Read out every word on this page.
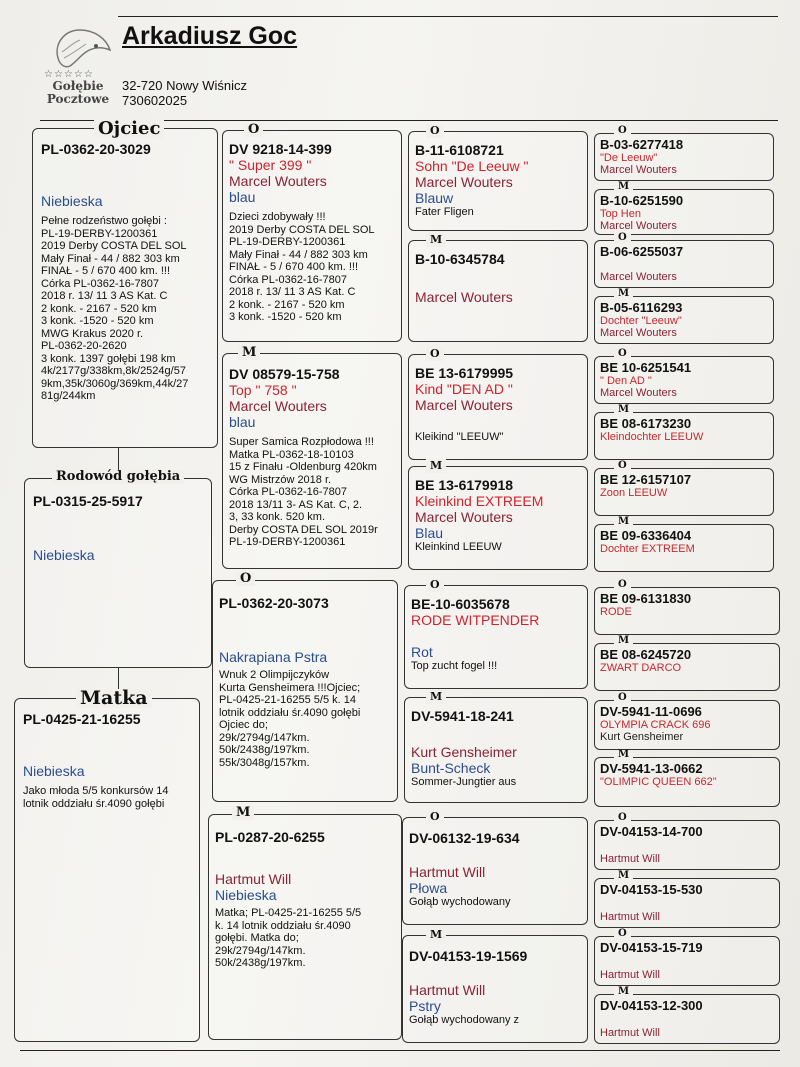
☆☆☆☆☆
Gołębie
Pocztowe
Arkadiusz Goc
32-720 Nowy Wiśnicz
730602025
PL-0362-20-3029
Niebieska
Pełne rodzeństwo gołębi :
PL-19-DERBY-1200361
2019 Derby COSTA DEL SOL
Mały Finał - 44 / 882 303 km
FINAŁ - 5 / 670 400 km. !!!
Córka PL-0362-16-7807
2018 r. 13/ 11 3 AS Kat. C
2 konk. - 2167 - 520 km
3 konk. -1520 - 520 km
MWG Krakus 2020 r.
PL-0362-20-2620
3 konk. 1397 gołębi 198 km
4k/2177g/338km,8k/2524g/57
9km,35k/3060g/369km,44k/27
81g/244km
Ojciec
PL-0315-25-5917
Niebieska
Rodowód gołębia
PL-0425-21-16255
Niebieska
Jako młoda 5/5 konkursów 14
lotnik oddziału śr.4090 gołębi
Matka
DV 9218-14-399
" Super 399 "
Marcel Wouters
blau
Dzieci zdobywały !!!
2019 Derby COSTA DEL SOL
PL-19-DERBY-1200361
Mały Finał - 44 / 882 303 km
FINAŁ - 5 / 670 400 km. !!!
Córka PL-0362-16-7807
2018 r. 13/ 11 3 AS Kat. C
2 konk. - 2167 - 520 km
3 konk. -1520 - 520 km
O
DV 08579-15-758
Top " 758 "
Marcel Wouters
blau
Super Samica Rozpłodowa !!!
Matka PL-0362-18-10103
15 z Finału -Oldenburg 420km
WG Mistrzów 2018 r.
Córka PL-0362-16-7807
2018 13/11 3- AS Kat. C, 2.
3, 33 konk. 520 km.
Derby COSTA DEL SOL 2019r
PL-19-DERBY-1200361
M
PL-0362-20-3073
Nakrapiana Pstra
Wnuk 2 Olimpijczyków
Kurta Gensheimera !!!Ojciec;
PL-0425-21-16255 5/5 k. 14
lotnik oddziału śr.4090 gołębi
Ojciec do;
29k/2794g/147km.
50k/2438g/197km.
55k/3048g/157km.
O
PL-0287-20-6255
Hartmut Will
Niebieska
Matka; PL-0425-21-16255 5/5
k. 14 lotnik oddziału śr.4090
gołębi. Matka do;
29k/2794g/147km.
50k/2438g/197km.
M
B-11-6108721
Sohn "De Leeuw "
Marcel Wouters
Blauw
Fater Fligen
O
B-10-6345784
Marcel Wouters
M
BE 13-6179995
Kind "DEN AD "
Marcel Wouters
Kleikind "LEEUW"
O
BE 13-6179918
Kleinkind EXTREEM
Marcel Wouters
Blau
Kleinkind LEEUW
M
BE-10-6035678
RODE WITPENDER
Rot
Top zucht fogel !!!
O
DV-5941-18-241
Kurt Gensheimer
Bunt-Scheck
Sommer-Jungtier aus
M
DV-06132-19-634
Hartmut Will
Płowa
Gołąb wychodowany
O
DV-04153-19-1569
Hartmut Will
Pstry
Gołąb wychodowany z
M
B-03-6277418
"De Leeuw"
Marcel Wouters
O
B-10-6251590
Top Hen
Marcel Wouters
M
B-06-6255037
Marcel Wouters
O
B-05-6116293
Dochter "Leeuw"
Marcel Wouters
M
BE 10-6251541
" Den AD "
Marcel Wouters
O
BE 08-6173230
Kleindochter LEEUW
M
BE 12-6157107
Zoon LEEUW
O
BE 09-6336404
Dochter EXTREEM
M
BE 09-6131830
RODE
O
BE 08-6245720
ZWART DARCO
M
DV-5941-11-0696
OLYMPIA CRACK 696
Kurt Gensheimer
O
DV-5941-13-0662
"OLIMPIC QUEEN 662"
M
DV-04153-14-700
Hartmut Will
O
DV-04153-15-530
Hartmut Will
M
DV-04153-15-719
Hartmut Will
O
DV-04153-12-300
Hartmut Will
M
